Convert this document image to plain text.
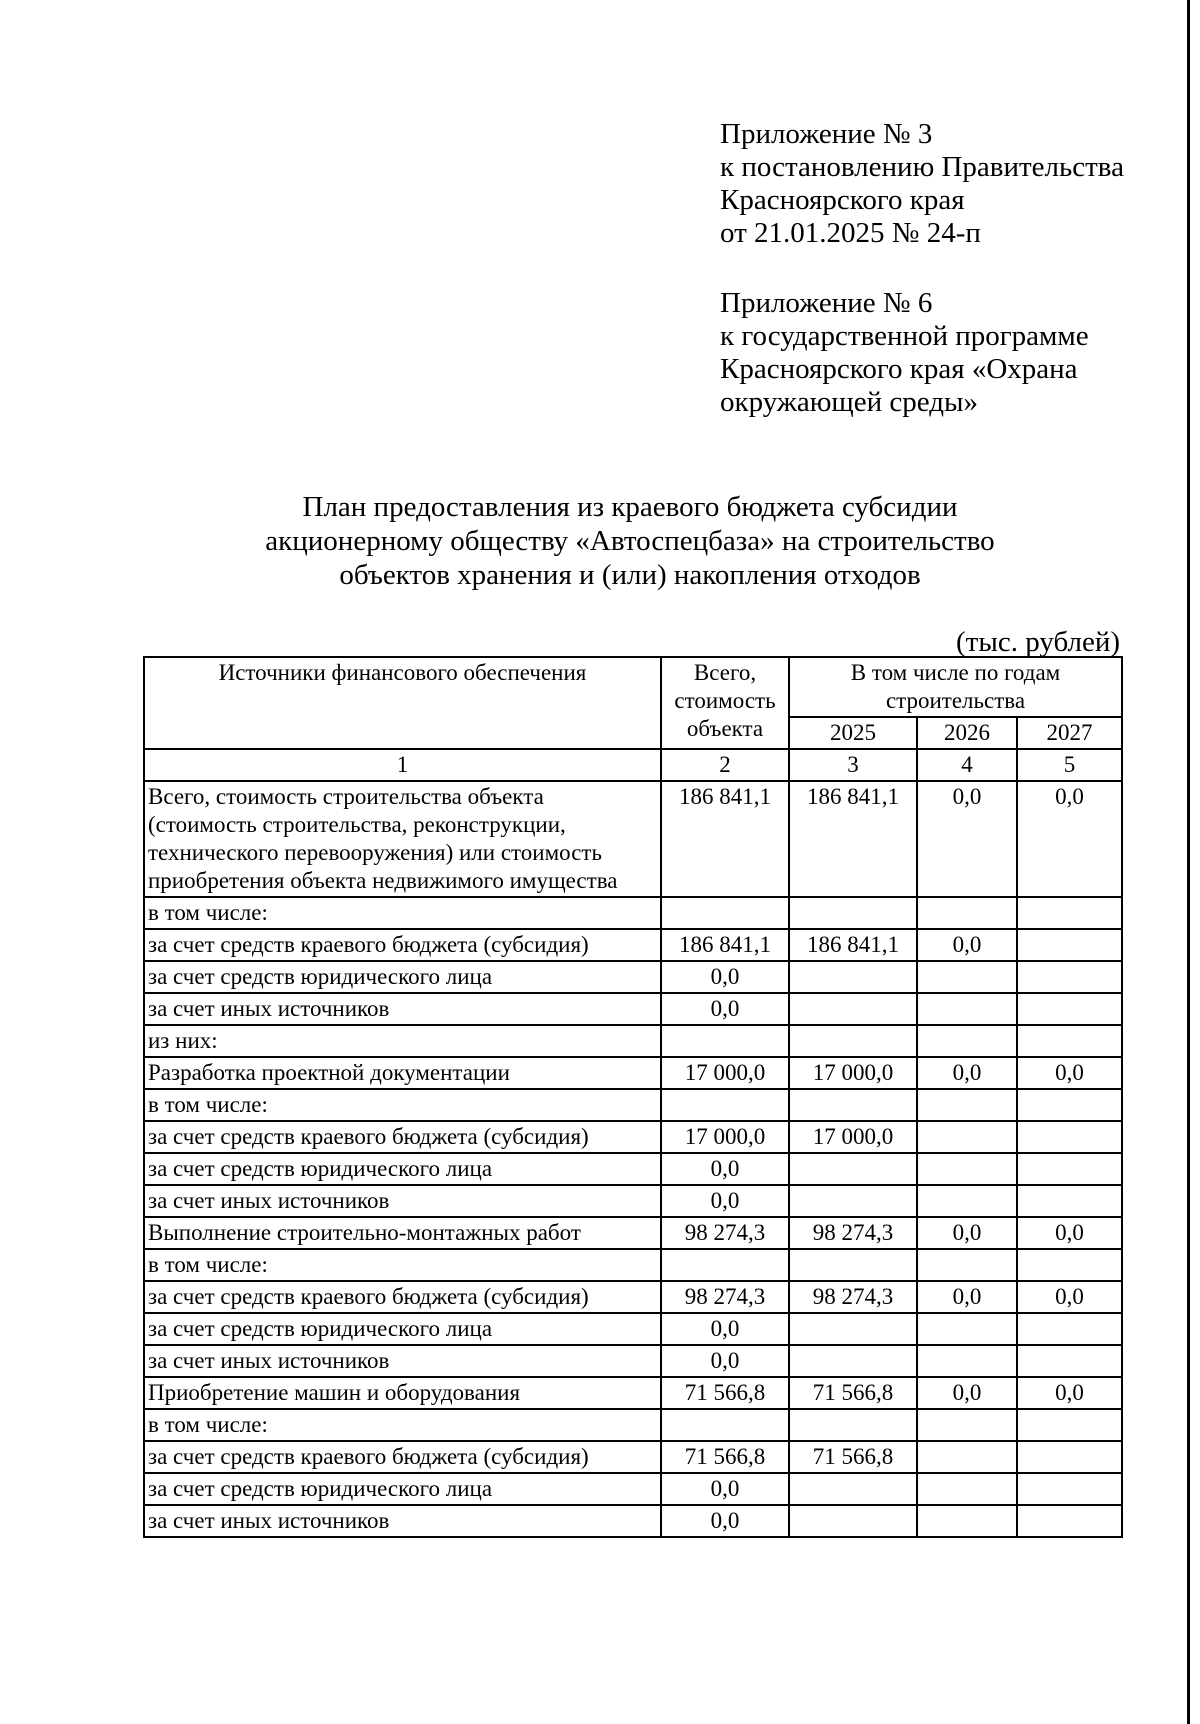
Приложение № 3
к постановлению Правительства
Красноярского края
от 21.01.2025 № 24-п
Приложение № 6
к государственной программе
Красноярского края «Охрана
окружающей среды»
План предоставления из краевого бюджета субсидии
акционерному обществу «Автоспецбаза» на строительство
объектов хранения и (или) накопления отходов
(тыс. рублей)
Источники финансового обеспечения	Всего, стоимость объекта	В том числе по годам строительства		
		2025	2026	2027
1	2	3	4	5
Всего, стоимость строительства объекта (стоимость строительства, реконструкции, технического перевооружения) или стоимость приобретения объекта недвижимого имущества	186 841,1	186 841,1	0,0	0,0
в том числе:				
за счет средств краевого бюджета (субсидия)	186 841,1	186 841,1	0,0	
за счет средств юридического лица	0,0			
за счет иных источников	0,0			
из них:				
Разработка проектной документации	17 000,0	17 000,0	0,0	0,0
в том числе:				
за счет средств краевого бюджета (субсидия)	17 000,0	17 000,0		
за счет средств юридического лица	0,0			
за счет иных источников	0,0			
Выполнение строительно-монтажных работ	98 274,3	98 274,3	0,0	0,0
в том числе:				
за счет средств краевого бюджета (субсидия)	98 274,3	98 274,3	0,0	0,0
за счет средств юридического лица	0,0			
за счет иных источников	0,0			
Приобретение машин и оборудования	71 566,8	71 566,8	0,0	0,0
в том числе:				
за счет средств краевого бюджета (субсидия)	71 566,8	71 566,8		
за счет средств юридического лица	0,0			
за счет иных источников	0,0			
